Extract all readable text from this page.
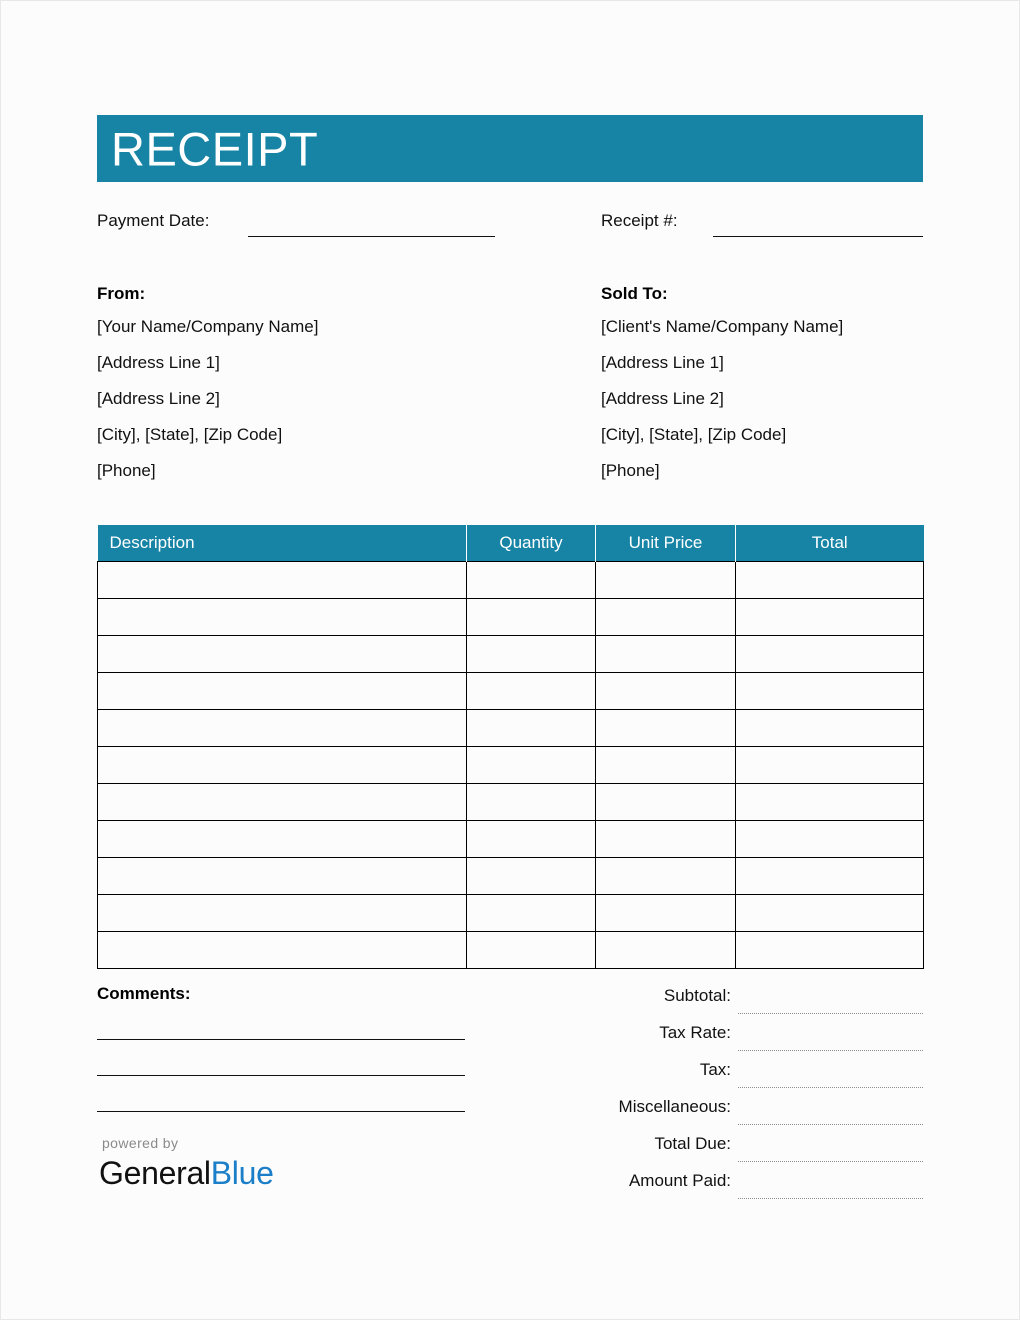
RECEIPT
Payment Date:	Receipt #:
From:
[Your Name/Company Name]
[Address Line 1]
[Address Line 2]
[City], [State], [Zip Code]
[Phone]
Sold To:
[Client's Name/Company Name]
[Address Line 1]
[Address Line 2]
[City], [State], [Zip Code]
[Phone]
Description	Quantity	Unit Price	Total

Comments:	Subtotal:
Tax Rate:
Tax:
Miscellaneous:
Total Due:
Amount Paid:
powered by
GeneralBlue
